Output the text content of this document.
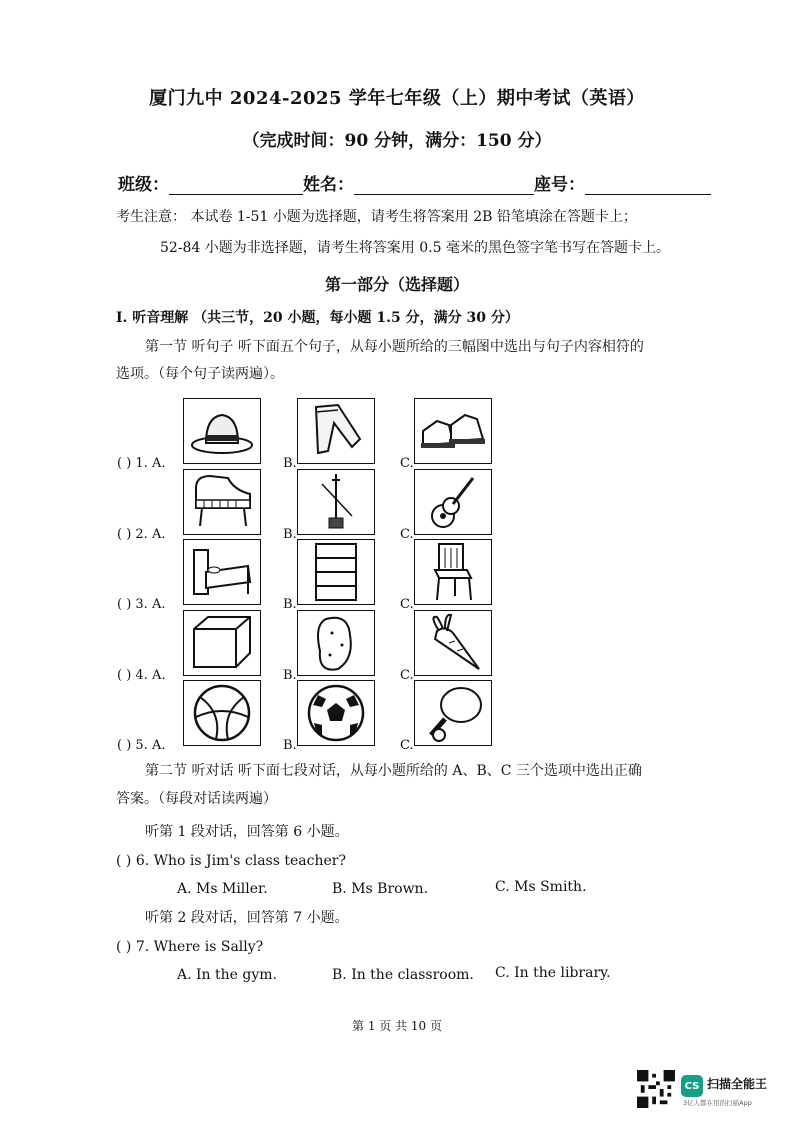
厦门九中 2024-2025 学年七年级（上）期中考试（英语）
（完成时间：90 分钟，满分：150 分）
班级：	姓名：	座号：
考生注意： 本试卷 1-51 小题为选择题，请考生将答案用 2B 铅笔填涂在答题卡上；
52-84 小题为非选择题，请考生将答案用 0.5 毫米的黑色签字笔书写在答题卡上。
第一部分（选择题）
I. 听音理解 （共三节，20 小题，每小题 1.5 分，满分 30 分）
第一节 听句子 听下面五个句子，从每小题所给的三幅图中选出与句子内容相符的
选项。（每个句子读两遍）。
( ) 1. A.	B.	C.
( ) 2. A.	B.	C.
( ) 3. A.	B.	C.
( ) 4. A.	B.	C.
( ) 5. A.	B.	C.
第二节 听对话 听下面七段对话，从每小题所给的 A、B、C 三个选项中选出正确
答案。（每段对话读两遍）
听第 1 段对话，回答第 6 小题。
( ) 6. Who is Jim's class teacher?
A. Ms Miller.	B. Ms Brown.	C. Ms Smith.
听第 2 段对话，回答第 7 小题。
( ) 7. Where is Sally?
A. In the gym.	B. In the classroom. C. In the library.
第 1 页 共 10 页
CS 扫描全能王
3亿人都在用的扫描App
